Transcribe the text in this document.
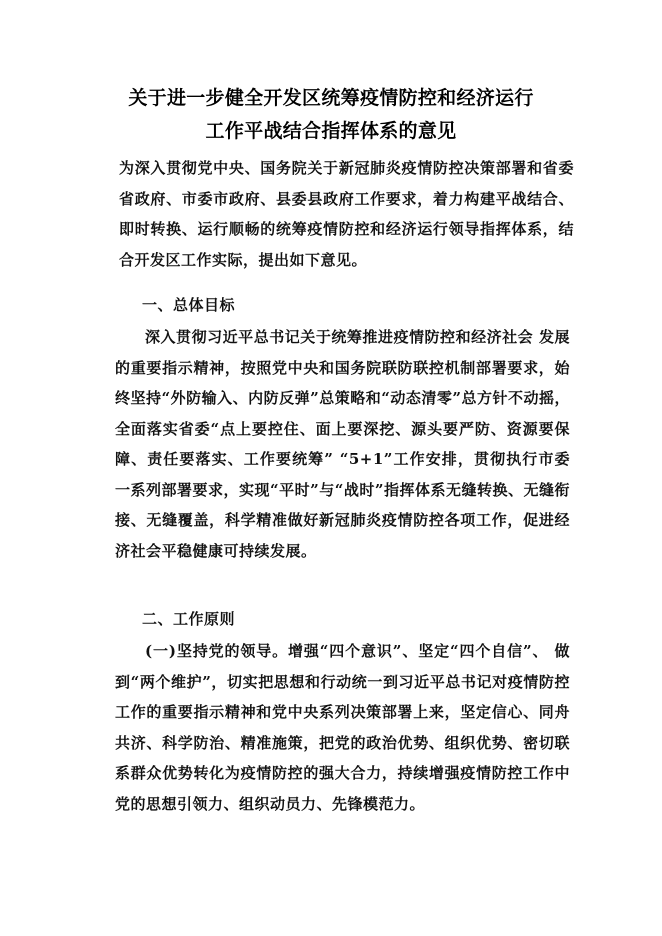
关于进一步健全开发区统筹疫情防控和经济运行
工作平战结合指挥体系的意见
为深入贯彻党中央、国务院关于新冠肺炎疫情防控决策部署和省委省政府、市委市政府、县委县政府工作要求，着力构建平战结合、即时转换、运行顺畅的统筹疫情防控和经济运行领导指挥体系，结合开发区工作实际，提出如下意见。
一、总体目标
深入贯彻习近平总书记关于统筹推进疫情防控和经济社会 发展的重要指示精神，按照党中央和国务院联防联控机制部署要求，始终坚持“外防输入、内防反弹”总策略和“动态清零”总方针不动摇，全面落实省委“点上要控住、面上要深挖、源头要严防、资源要保障、责任要落实、工作要统筹” “5+1”工作安排，贯彻执行市委一系列部署要求，实现“平时”与“战时”指挥体系无缝转换、无缝衔接、无缝覆盖，科学精准做好新冠肺炎疫情防控各项工作，促进经济社会平稳健康可持续发展。
二、工作原则
(一)坚持党的领导。增强“四个意识”、坚定“四个自信”、 做到“两个维护”，切实把思想和行动统一到习近平总书记对疫情防控工作的重要指示精神和党中央系列决策部署上来，坚定信心、同舟共济、科学防治、精准施策，把党的政治优势、组织优势、密切联系群众优势转化为疫情防控的强大合力，持续增强疫情防控工作中党的思想引领力、组织动员力、先锋模范力。
